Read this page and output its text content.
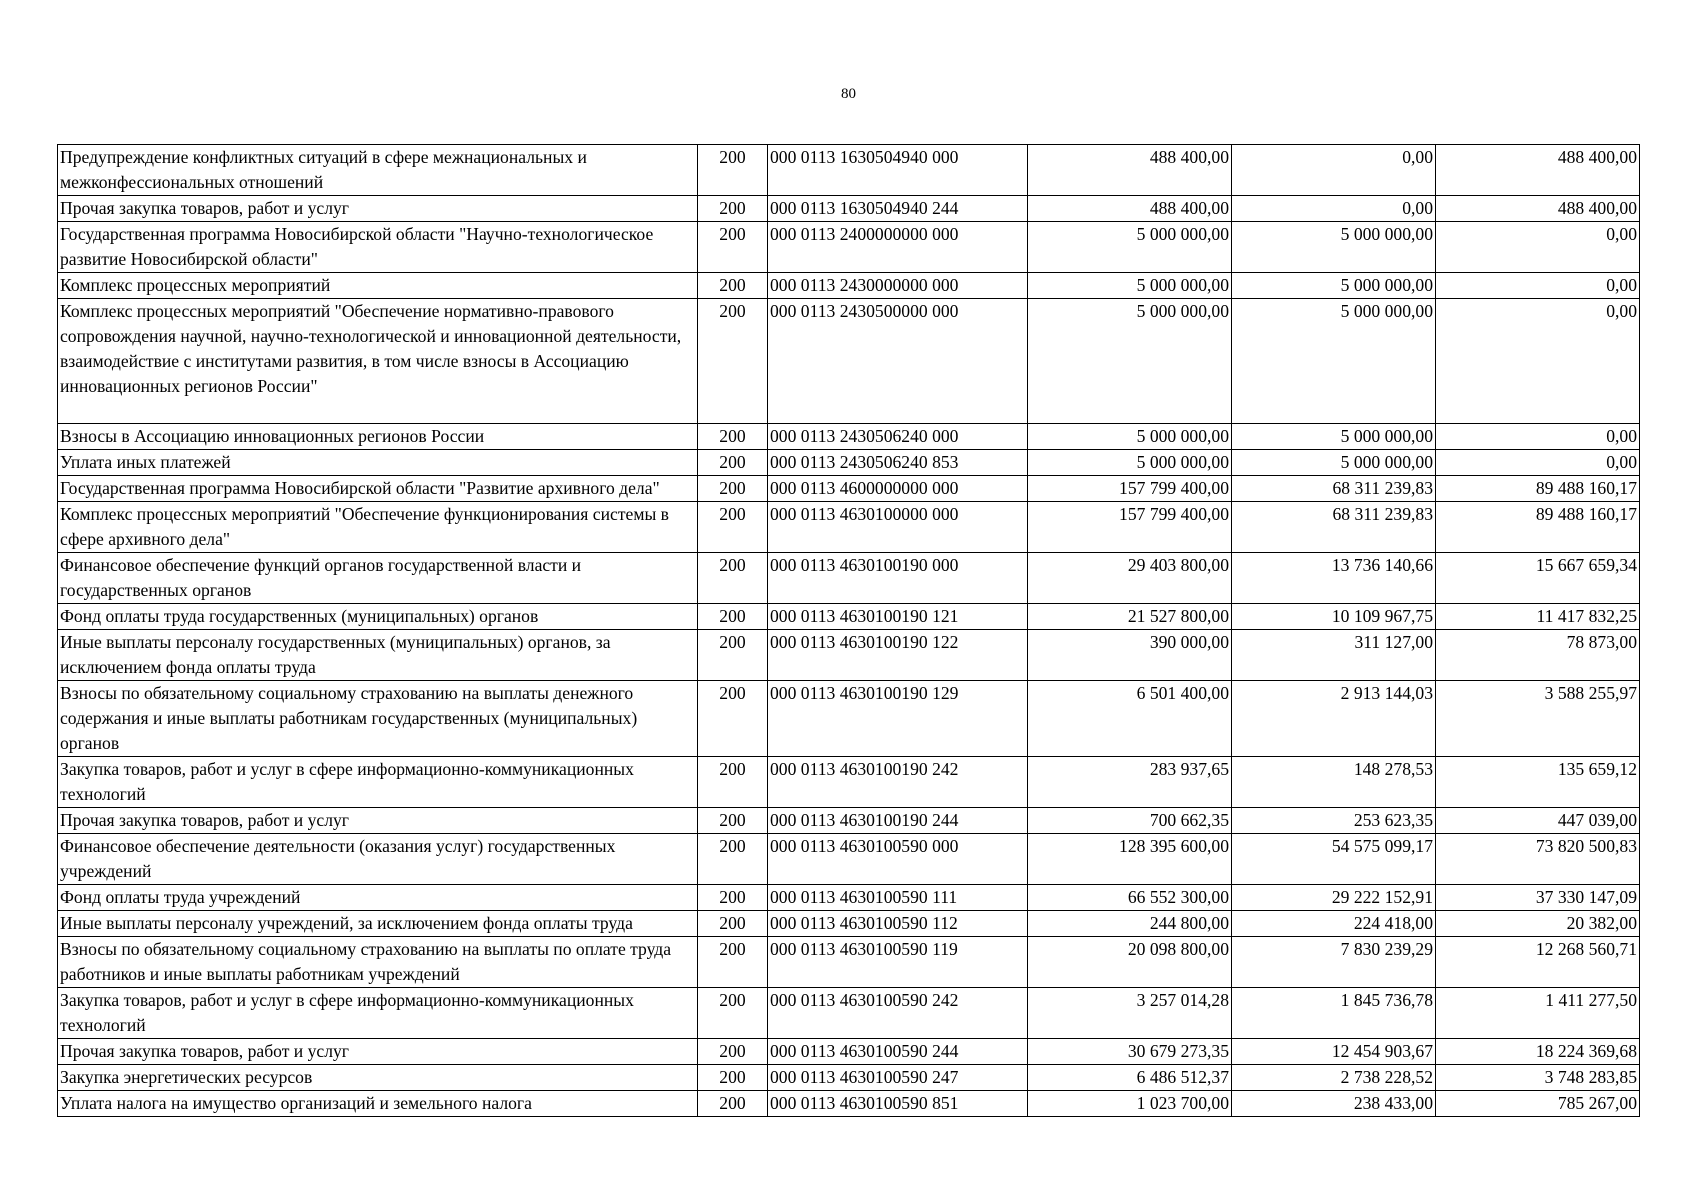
80
Предупреждение конфликтных ситуаций в сфере межнациональных и межконфессиональных отношений	200	000 0113 1630504940 000	488 400,00	0,00	488 400,00
Прочая закупка товаров, работ и услуг	200	000 0113 1630504940 244	488 400,00	0,00	488 400,00
Государственная программа Новосибирской области "Научно-технологическое развитие Новосибирской области"	200	000 0113 2400000000 000	5 000 000,00	5 000 000,00	0,00
Комплекс процессных мероприятий	200	000 0113 2430000000 000	5 000 000,00	5 000 000,00	0,00
Комплекс процессных мероприятий "Обеспечение нормативно-правового сопровождения научной, научно-технологической и инновационной деятельности, взаимодействие с институтами развития, в том числе взносы в Ассоциацию инновационных регионов России"	200	000 0113 2430500000 000	5 000 000,00	5 000 000,00	0,00
Взносы в Ассоциацию инновационных регионов России	200	000 0113 2430506240 000	5 000 000,00	5 000 000,00	0,00
Уплата иных платежей	200	000 0113 2430506240 853	5 000 000,00	5 000 000,00	0,00
Государственная программа Новосибирской области "Развитие архивного дела"	200	000 0113 4600000000 000	157 799 400,00	68 311 239,83	89 488 160,17
Комплекс процессных мероприятий "Обеспечение функционирования системы в сфере архивного дела"	200	000 0113 4630100000 000	157 799 400,00	68 311 239,83	89 488 160,17
Финансовое обеспечение функций органов государственной власти и государственных органов	200	000 0113 4630100190 000	29 403 800,00	13 736 140,66	15 667 659,34
Фонд оплаты труда государственных (муниципальных) органов	200	000 0113 4630100190 121	21 527 800,00	10 109 967,75	11 417 832,25
Иные выплаты персоналу государственных (муниципальных) органов, за исключением фонда оплаты труда	200	000 0113 4630100190 122	390 000,00	311 127,00	78 873,00
Взносы по обязательному социальному страхованию на выплаты денежного содержания и иные выплаты работникам государственных (муниципальных) органов	200	000 0113 4630100190 129	6 501 400,00	2 913 144,03	3 588 255,97
Закупка товаров, работ и услуг в сфере информационно-коммуникационных технологий	200	000 0113 4630100190 242	283 937,65	148 278,53	135 659,12
Прочая закупка товаров, работ и услуг	200	000 0113 4630100190 244	700 662,35	253 623,35	447 039,00
Финансовое обеспечение деятельности (оказания услуг) государственных учреждений	200	000 0113 4630100590 000	128 395 600,00	54 575 099,17	73 820 500,83
Фонд оплаты труда учреждений	200	000 0113 4630100590 111	66 552 300,00	29 222 152,91	37 330 147,09
Иные выплаты персоналу учреждений, за исключением фонда оплаты труда	200	000 0113 4630100590 112	244 800,00	224 418,00	20 382,00
Взносы по обязательному социальному страхованию на выплаты по оплате труда работников и иные выплаты работникам учреждений	200	000 0113 4630100590 119	20 098 800,00	7 830 239,29	12 268 560,71
Закупка товаров, работ и услуг в сфере информационно-коммуникационных технологий	200	000 0113 4630100590 242	3 257 014,28	1 845 736,78	1 411 277,50
Прочая закупка товаров, работ и услуг	200	000 0113 4630100590 244	30 679 273,35	12 454 903,67	18 224 369,68
Закупка энергетических ресурсов	200	000 0113 4630100590 247	6 486 512,37	2 738 228,52	3 748 283,85
Уплата налога на имущество организаций и земельного налога	200	000 0113 4630100590 851	1 023 700,00	238 433,00	785 267,00
